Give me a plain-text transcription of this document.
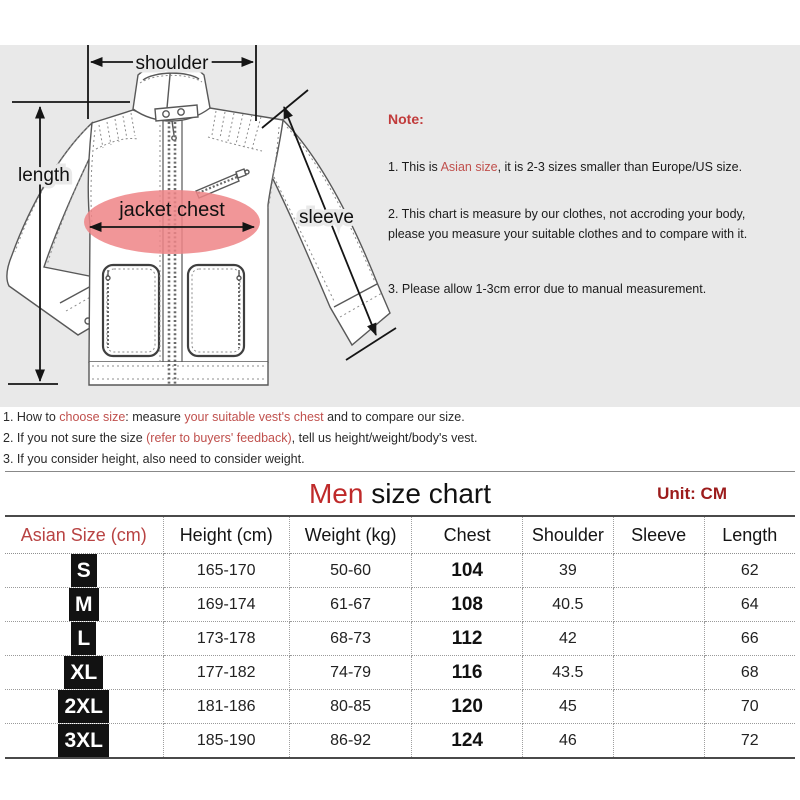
shoulder
length
sleeve
jacket chest
Note:
1. This is Asian size, it is 2-3 sizes smaller than Europe/US size.
2. This chart is measure by our clothes, not accroding your body,
please you measure your suitable clothes and to compare with it.
3. Please allow 1-3cm error due to manual measurement.
1. How to choose size: measure your suitable vest's chest and to compare our size.
2. If you not sure the size (refer to buyers' feedback), tell us height/weight/body's vest.
3. If you consider height, also need to consider weight.
Men size chart	Unit: CM
Asian Size (cm)	Height (cm)	Weight (kg)	Chest	Shoulder	Sleeve	Length
S	165-170	50-60	104	39		62
M	169-174	61-67	108	40.5		64
L	173-178	68-73	112	42		66
XL	177-182	74-79	116	43.5		68
2XL	181-186	80-85	120	45		70
3XL	185-190	86-92	124	46		72
